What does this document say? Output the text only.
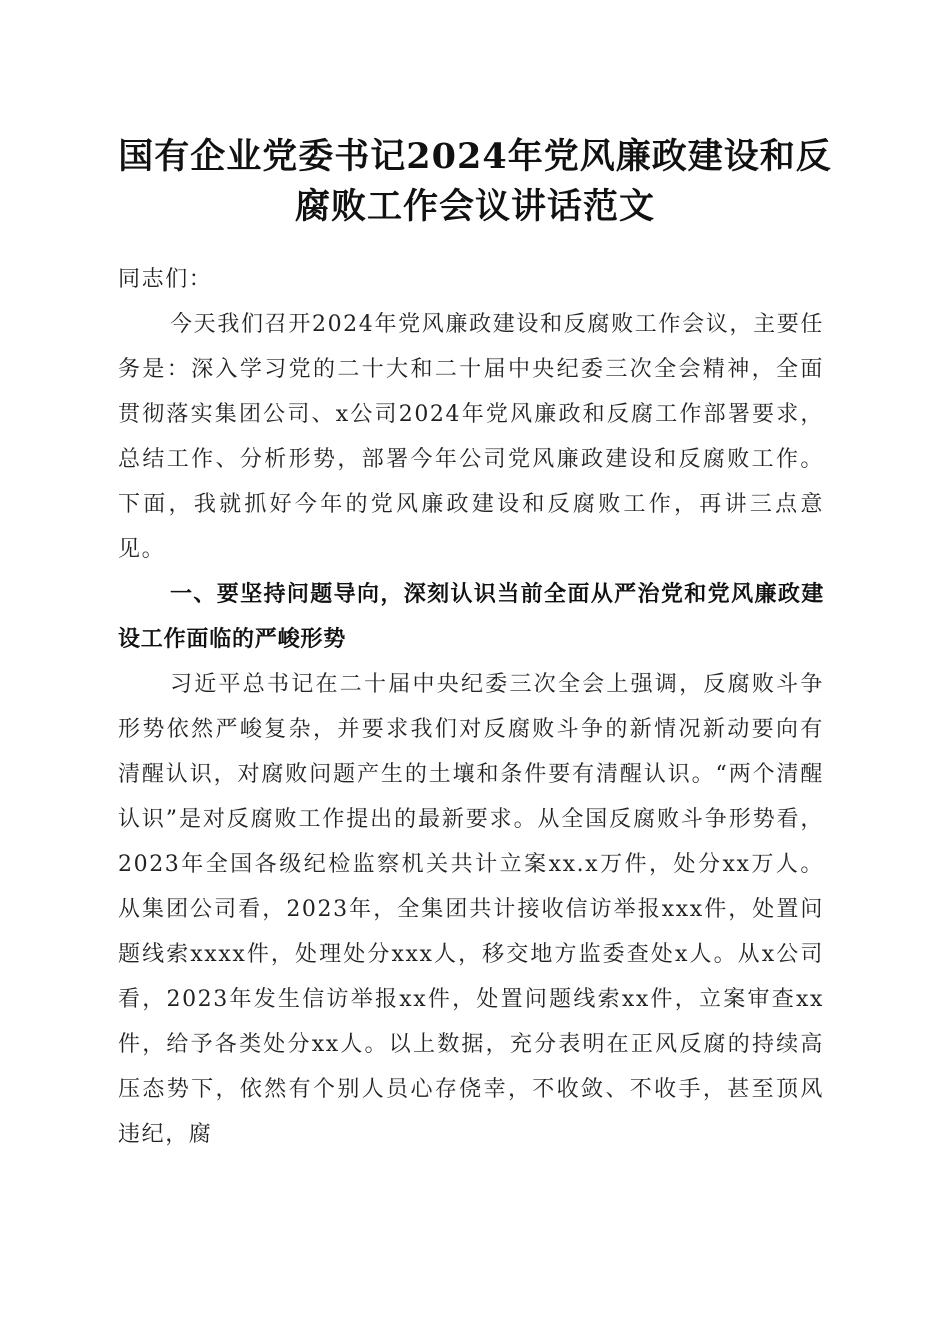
国有企业党委书记2024年党风廉政建设和反
腐败工作会议讲话范文

同志们：

今天我们召开2024年党风廉政建设和反腐败工作会议，主要任务是：深入学习党的二十大和二十届中央纪委三次全会精神，全面贯彻落实集团公司、x公司2024年党风廉政和反腐工作部署要求，总结工作、分析形势，部署今年公司党风廉政建设和反腐败工作。下面，我就抓好今年的党风廉政建设和反腐败工作，再讲三点意见。

一、要坚持问题导向，深刻认识当前全面从严治党和党风廉政建设工作面临的严峻形势

习近平总书记在二十届中央纪委三次全会上强调，反腐败斗争形势依然严峻复杂，并要求我们对反腐败斗争的新情况新动要向有清醒认识，对腐败问题产生的土壤和条件要有清醒认识。“两个清醒认识”是对反腐败工作提出的最新要求。从全国反腐败斗争形势看，2023年全国各级纪检监察机关共计立案xx.x万件，处分xx万人。从集团公司看，2023年，全集团共计接收信访举报xxx件，处置问题线索xxxx件，处理处分xxx人，移交地方监委查处x人。从x公司看，2023年发生信访举报xx件，处置问题线索xx件，立案审查xx件，给予各类处分xx人。以上数据，充分表明在正风反腐的持续高压态势下，依然有个别人员心存侥幸，不收敛、不收手，甚至顶风违纪，腐
